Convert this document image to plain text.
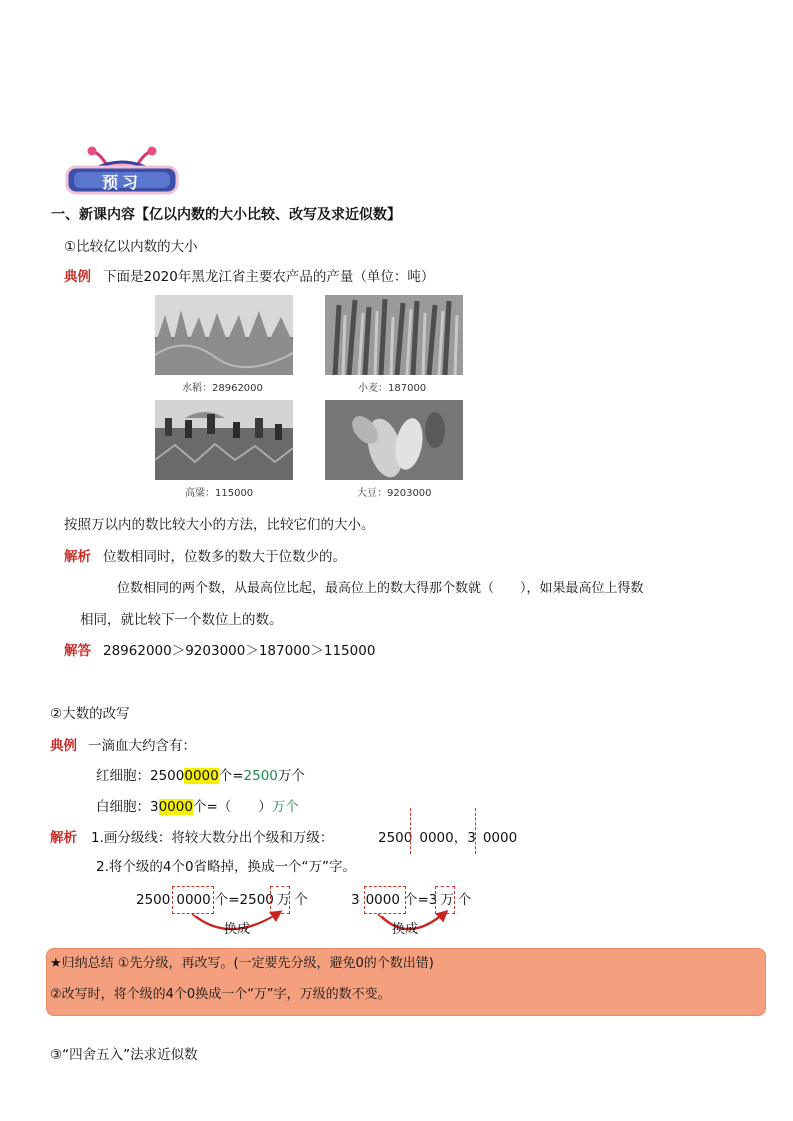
预习
一、新课内容【亿以内数的大小比较、改写及求近似数】
①比较亿以内数的大小
典例 下面是2020年黑龙江省主要农产品的产量（单位：吨）
水稻：28962000	小麦：187000
高粱：115000	大豆：9203000
按照万以内的数比较大小的方法，比较它们的大小。
解析 位数相同时，位数多的数大于位数少的。
位数相同的两个数，从最高位比起，最高位上的数大得那个数就（　　），如果最高位上得数
相同，就比较下一个数位上的数。
解答 28962000＞9203000＞187000＞115000
②大数的改写
典例 一滴血大约含有：
红细胞：25000000个=2500万个
白细胞：30000个=（　　）万个
解析 1.画分级线：将较大数分出个级和万级：	2500 0000，3 0000
2.将个级的4个0省略掉，换成一个“万”字。
2500 0000 个=2500 万 个	3 0000 个=3 万 个
换成	换成
★归纳总结 ①先分级，再改写。(一定要先分级，避免0的个数出错)
②改写时，将个级的4个0换成一个“万”字，万级的数不变。
③“四舍五入”法求近似数
